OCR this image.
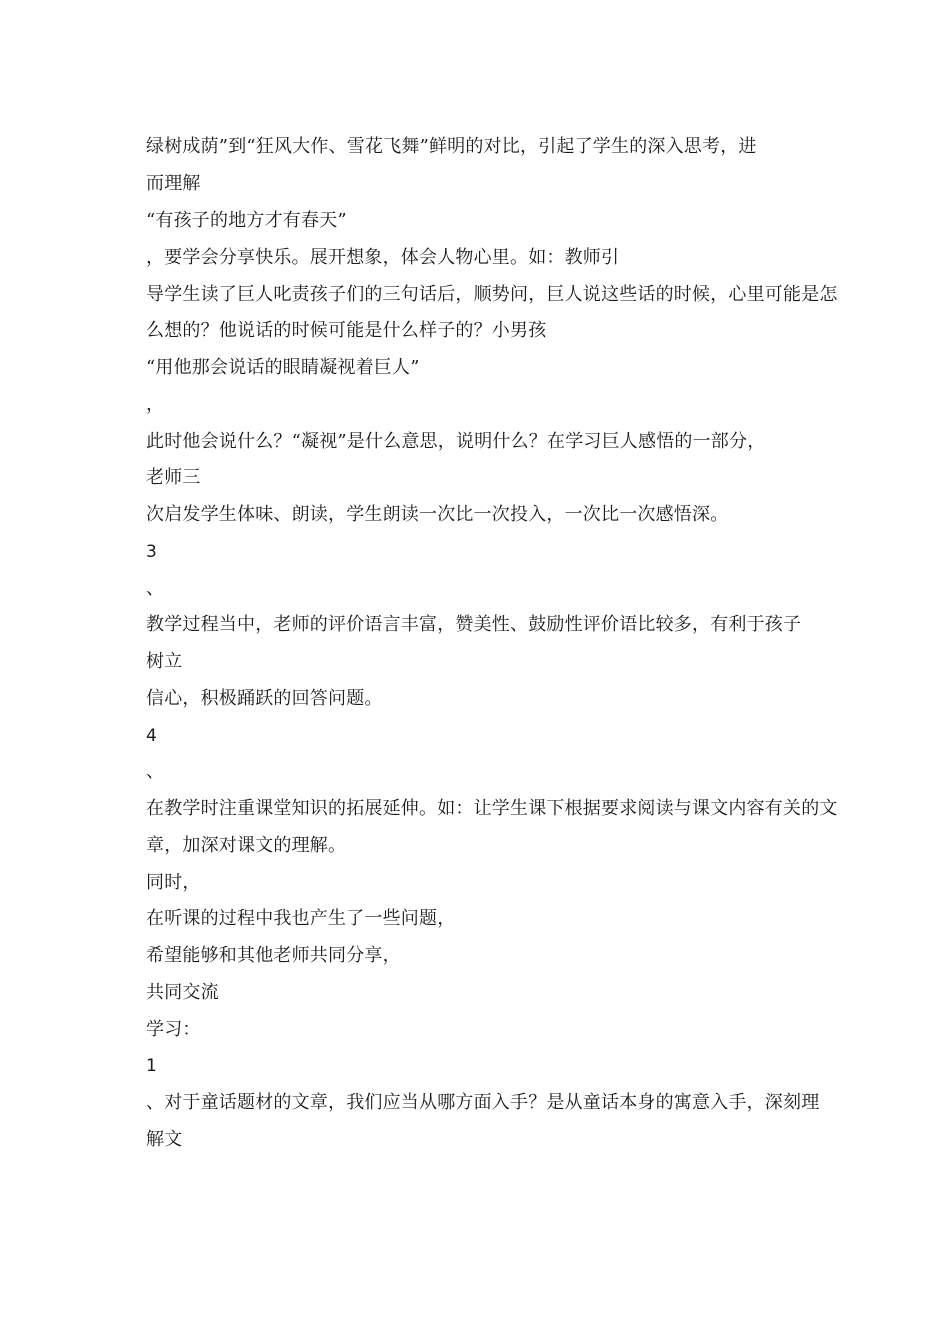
绿树成荫”到“狂风大作、雪花飞舞”鲜明的对比，引起了学生的深入思考，进
而理解
“有孩子的地方才有春天”
，要学会分享快乐。展开想象，体会人物心里。如：教师引
导学生读了巨人叱责孩子们的三句话后，顺势问，巨人说这些话的时候，心里可能是怎
么想的？他说话的时候可能是什么样子的？小男孩
“用他那会说话的眼睛凝视着巨人”
，
此时他会说什么？“凝视”是什么意思，说明什么？在学习巨人感悟的一部分，
老师三
次启发学生体味、朗读，学生朗读一次比一次投入，一次比一次感悟深。
3
、
教学过程当中，老师的评价语言丰富，赞美性、鼓励性评价语比较多，有利于孩子
树立
信心，积极踊跃的回答问题。
4
、
在教学时注重课堂知识的拓展延伸。如：让学生课下根据要求阅读与课文内容有关的文
章，加深对课文的理解。
同时，
在听课的过程中我也产生了一些问题，
希望能够和其他老师共同分享，
共同交流
学习：
1
、对于童话题材的文章，我们应当从哪方面入手？是从童话本身的寓意入手，深刻理
解文
